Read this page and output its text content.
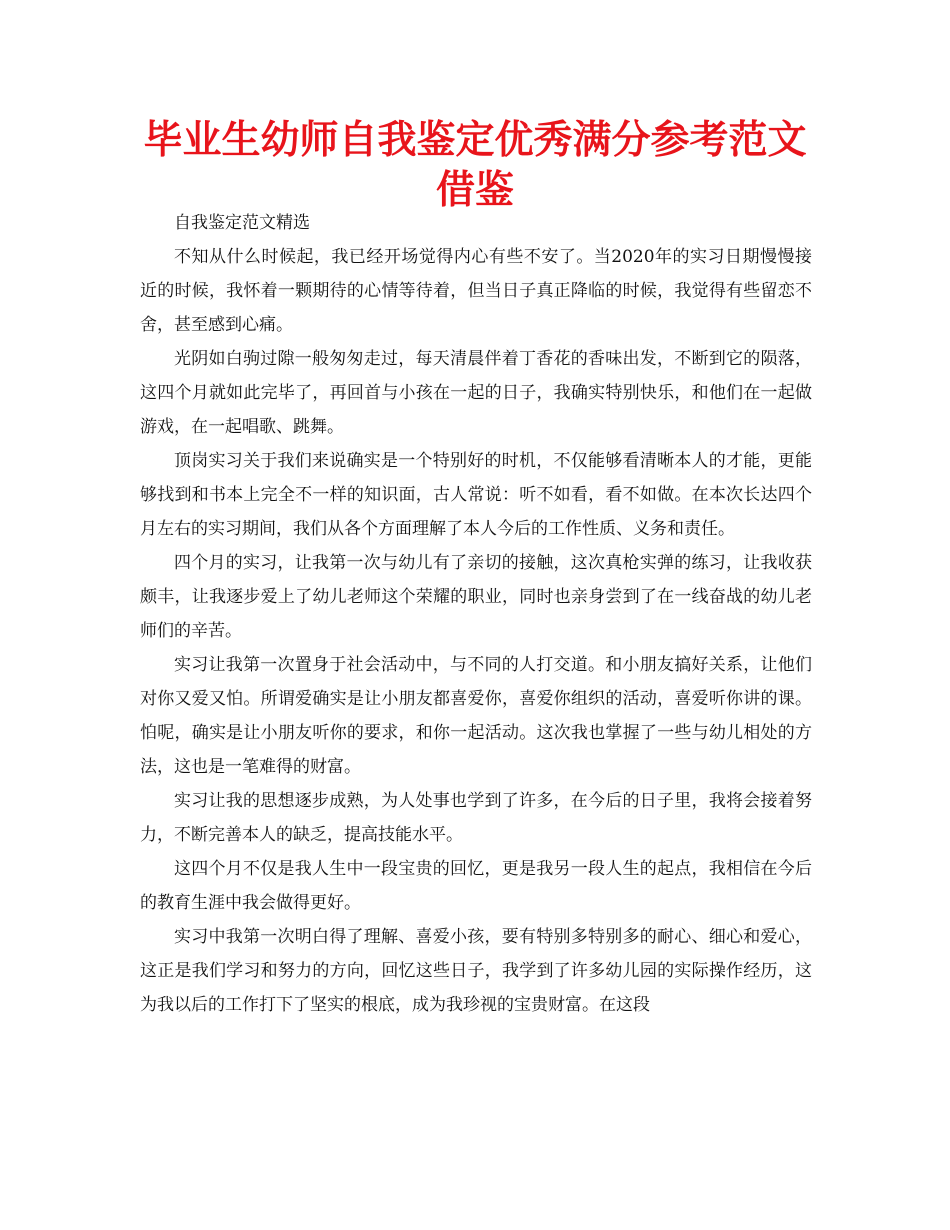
毕业生幼师自我鉴定优秀满分参考范文借鉴

自我鉴定范文精选

不知从什么时候起，我已经开场觉得内心有些不安了。当2020年的实习日期慢慢接近的时候，我怀着一颗期待的心情等待着，但当日子真正降临的时候，我觉得有些留恋不舍，甚至感到心痛。

光阴如白驹过隙一般匆匆走过，每天清晨伴着丁香花的香味出发，不断到它的陨落，这四个月就如此完毕了，再回首与小孩在一起的日子，我确实特别快乐，和他们在一起做游戏，在一起唱歌、跳舞。

顶岗实习关于我们来说确实是一个特别好的时机，不仅能够看清晰本人的才能，更能够找到和书本上完全不一样的知识面，古人常说：听不如看，看不如做。在本次长达四个月左右的实习期间，我们从各个方面理解了本人今后的工作性质、义务和责任。

四个月的实习，让我第一次与幼儿有了亲切的接触，这次真枪实弹的练习，让我收获颇丰，让我逐步爱上了幼儿老师这个荣耀的职业，同时也亲身尝到了在一线奋战的幼儿老师们的辛苦。

实习让我第一次置身于社会活动中，与不同的人打交道。和小朋友搞好关系，让他们对你又爱又怕。所谓爱确实是让小朋友都喜爱你，喜爱你组织的活动，喜爱听你讲的课。怕呢，确实是让小朋友听你的要求，和你一起活动。这次我也掌握了一些与幼儿相处的方法，这也是一笔难得的财富。

实习让我的思想逐步成熟，为人处事也学到了许多，在今后的日子里，我将会接着努力，不断完善本人的缺乏，提高技能水平。

这四个月不仅是我人生中一段宝贵的回忆，更是我另一段人生的起点，我相信在今后的教育生涯中我会做得更好。

实习中我第一次明白得了理解、喜爱小孩，要有特别多特别多的耐心、细心和爱心，这正是我们学习和努力的方向，回忆这些日子，我学到了许多幼儿园的实际操作经历，这为我以后的工作打下了坚实的根底，成为我珍视的宝贵财富。在这段
